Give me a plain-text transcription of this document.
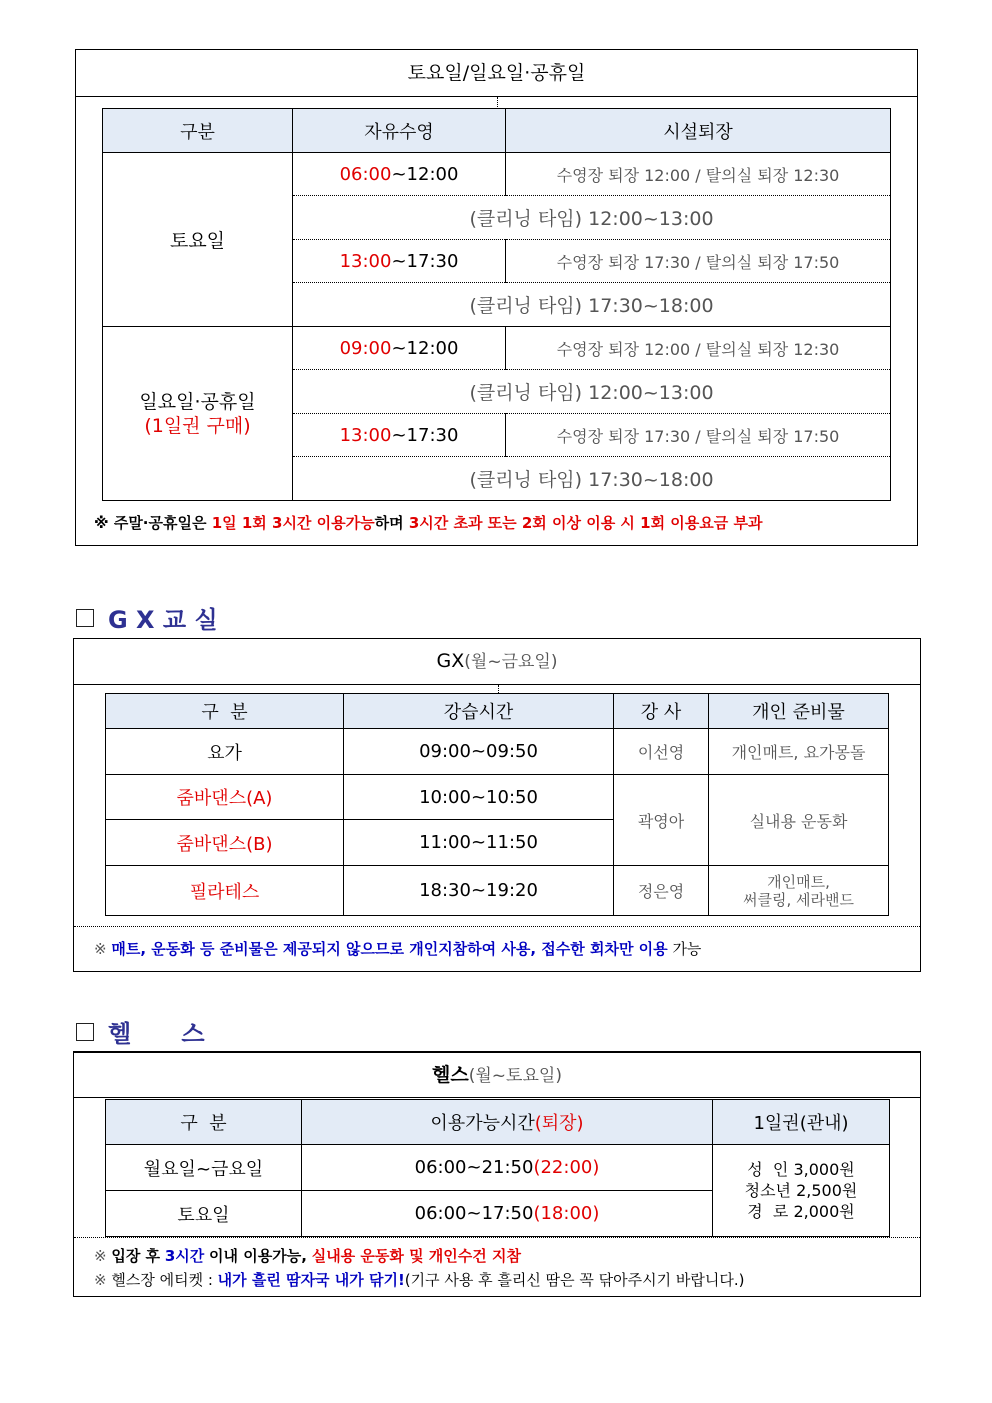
토요일/일요일·공휴일
구분	자유수영	시설퇴장
토요일	06:00~12:00	수영장 퇴장 12:00 / 탈의실 퇴장 12:30
	(클리닝 타임) 12:00~13:00	
	13:00~17:30	수영장 퇴장 17:30 / 탈의실 퇴장 17:50
	(클리닝 타임) 17:30~18:00	

일요일·공휴일
(1일권 구매)	09:00~12:00	수영장 퇴장 12:00 / 탈의실 퇴장 12:30
	(클리닝 타임) 12:00~13:00	
	13:00~17:30	수영장 퇴장 17:30 / 탈의실 퇴장 17:50
	(클리닝 타임) 17:30~18:00	
※ 주말·공휴일은 1일 1회 3시간 이용가능하며 3시간 초과 또는 2회 이상 이용 시 1회 이용요금 부과
G X 교 실
GX(월~금요일)
구  분	강습시간	강 사	개인 준비물
요가	09:00~09:50	이선영	개인매트, 요가몽돌
줌바댄스(A)	10:00~10:50	곽영아	실내용 운동화
줌바댄스(B)	11:00~11:50		
필라테스	18:30~19:20	정은영	개인매트,
써클링, 세라밴드
※ 매트, 운동화 등 준비물은 제공되지 않으므로 개인지참하여 사용, 접수한 회차만 이용 가능
헬      스
헬스(월~토요일)
구  분	이용가능시간(퇴장)	1일권(관내)
월요일~금요일	06:00~21:50(22:00)	성  인 3,000원
청소년 2,500원
경  로 2,000원

토요일	06:00~17:50(18:00)	
※ 입장 후 3시간 이내 이용가능, 실내용 운동화 및 개인수건 지참
※ 헬스장 에티켓 : 내가 흘린 땀자국 내가 닦기!(기구 사용 후 흘리신 땀은 꼭 닦아주시기 바랍니다.)
